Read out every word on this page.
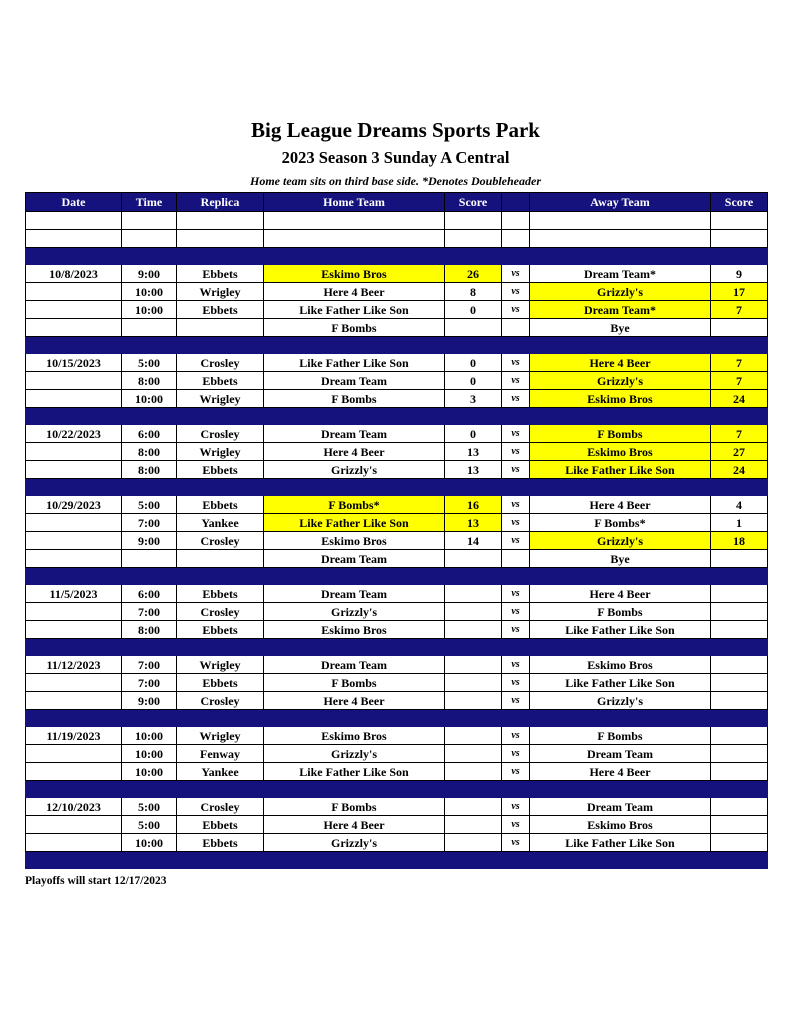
Big League Dreams Sports Park
2023 Season 3 Sunday A Central
Home team sits on third base side. *Denotes Doubleheader
Date	Time	Replica	Home Team	Score		Away Team	Score

10/8/2023	9:00	Ebbets	Eskimo Bros	26	vs	Dream Team*	9
	10:00	Wrigley	Here 4 Beer	8	vs	Grizzly's	17
	10:00	Ebbets	Like Father Like Son	0	vs	Dream Team*	7
			F Bombs			Bye	

10/15/2023	5:00	Crosley	Like Father Like Son	0	vs	Here 4 Beer	7
	8:00	Ebbets	Dream Team	0	vs	Grizzly's	7
	10:00	Wrigley	F Bombs	3	vs	Eskimo Bros	24

10/22/2023	6:00	Crosley	Dream Team	0	vs	F Bombs	7
	8:00	Wrigley	Here 4 Beer	13	vs	Eskimo Bros	27
	8:00	Ebbets	Grizzly's	13	vs	Like Father Like Son	24

10/29/2023	5:00	Ebbets	F Bombs*	16	vs	Here 4 Beer	4
	7:00	Yankee	Like Father Like Son	13	vs	F Bombs*	1
	9:00	Crosley	Eskimo Bros	14	vs	Grizzly's	18
			Dream Team			Bye	

11/5/2023	6:00	Ebbets	Dream Team		vs	Here 4 Beer	
	7:00	Crosley	Grizzly's		vs	F Bombs	
	8:00	Ebbets	Eskimo Bros		vs	Like Father Like Son	

11/12/2023	7:00	Wrigley	Dream Team		vs	Eskimo Bros	
	7:00	Ebbets	F Bombs		vs	Like Father Like Son	
	9:00	Crosley	Here 4 Beer		vs	Grizzly's	

11/19/2023	10:00	Wrigley	Eskimo Bros		vs	F Bombs	
	10:00	Fenway	Grizzly's		vs	Dream Team	
	10:00	Yankee	Like Father Like Son		vs	Here 4 Beer	

12/10/2023	5:00	Crosley	F Bombs		vs	Dream Team	
	5:00	Ebbets	Here 4 Beer		vs	Eskimo Bros	
	10:00	Ebbets	Grizzly's		vs	Like Father Like Son	

Playoffs will start 12/17/2023
